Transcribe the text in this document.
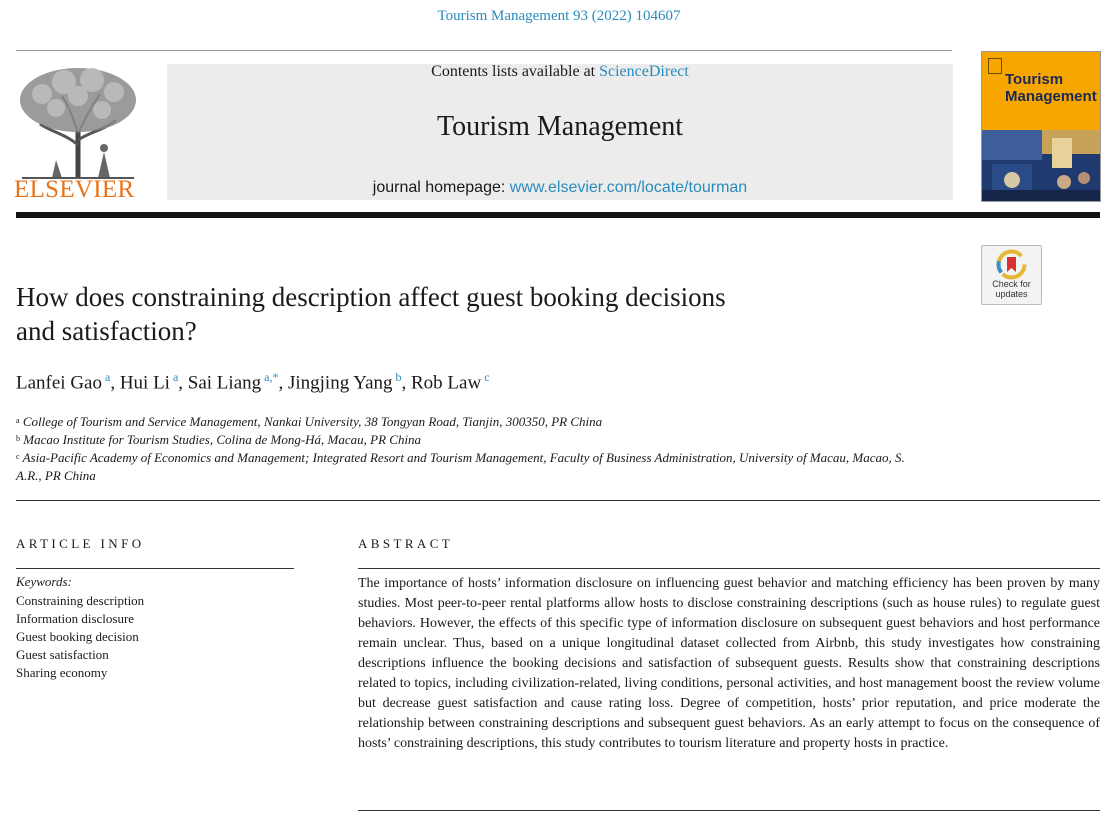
Tourism Management 93 (2022) 104607
ELSEVIER
Contents lists available at ScienceDirect
Tourism Management
journal homepage: www.elsevier.com/locate/tourman
Tourism
Management
Check for
updates
How does constraining description affect guest booking decisions
and satisfaction?
Lanfei Gao $^a$, Hui Li $^a$, Sai Liang $^{a,*}$, Jingjing Yang $^b$, Rob Law $^c$
$^a$ College of Tourism and Service Management, Nankai University, 38 Tongyan Road, Tianjin, 300350, PR China
$^b$ Macao Institute for Tourism Studies, Colina de Mong-Há, Macau, PR China
$^c$ Asia-Pacific Academy of Economics and Management; Integrated Resort and Tourism Management, Faculty of Business Administration, University of Macau, Macao, S.
A.R., PR China
ARTICLE INFO
Keywords:
Constraining description
Information disclosure
Guest booking decision
Guest satisfaction
Sharing economy
ABSTRACT

The importance of hosts’ information disclosure on influencing guest behavior and matching efficiency has been proven by many studies. Most peer-to-peer rental platforms allow hosts to disclose constraining descriptions (such as house rules) to regulate guest behaviors. However, the effects of this specific type of information disclosure on subsequent guest behaviors and host performance remain unclear. Thus, based on a unique longitudinal dataset collected from Airbnb, this study investigates how constraining descriptions influence the booking decisions and satisfaction of subsequent guests. Results show that constraining descriptions related to topics, including civilization-related, living conditions, personal activities, and host management boost the review volume but decrease guest satisfaction and cause rating loss. Degree of competition, hosts’ prior reputation, and price moderate the relationship between constraining descriptions and subsequent guest behaviors. As an early attempt to focus on the consequence of hosts’ constraining descriptions, this study contributes to tourism literature and property hosts in practice.
